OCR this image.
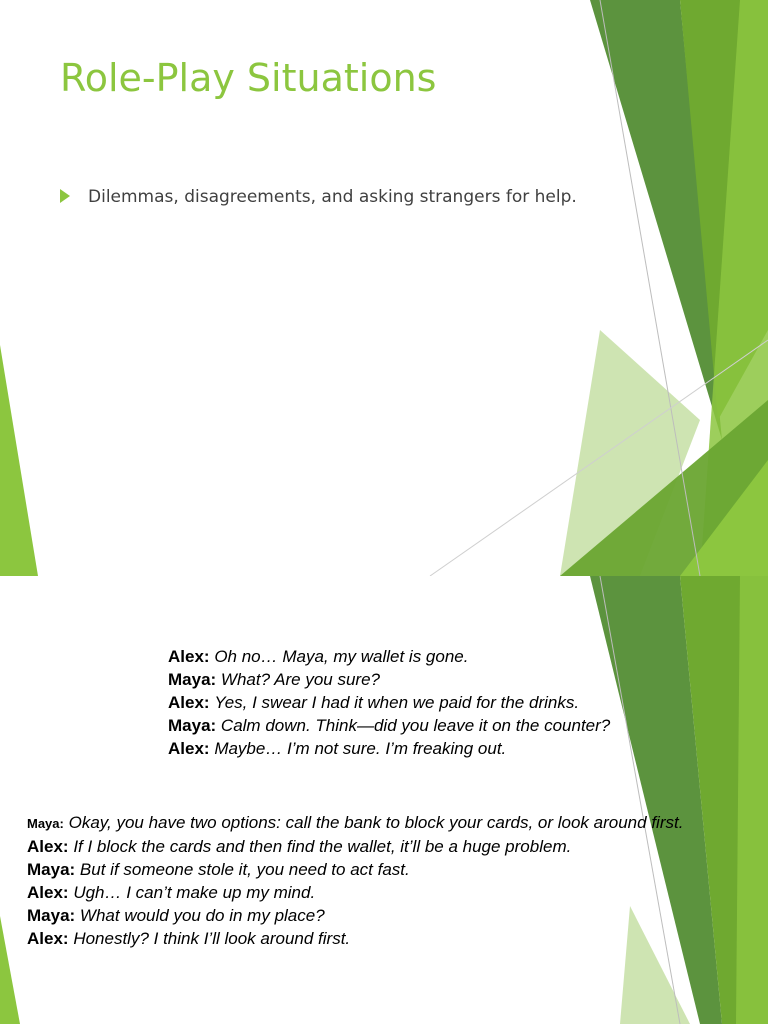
Role-Play Situations
Dilemmas, disagreements, and asking strangers for help.
Alex: Oh no… Maya, my wallet is gone.
Maya: What? Are you sure?
Alex: Yes, I swear I had it when we paid for the drinks.
Maya: Calm down. Think—did you leave it on the counter?
Alex: Maybe… I’m not sure. I’m freaking out.
Maya: Okay, you have two options: call the bank to block your cards, or look around first.
Alex: If I block the cards and then find the wallet, it’ll be a huge problem.
Maya: But if someone stole it, you need to act fast.
Alex: Ugh… I can’t make up my mind.
Maya: What would you do in my place?
Alex: Honestly? I think I’ll look around first.
